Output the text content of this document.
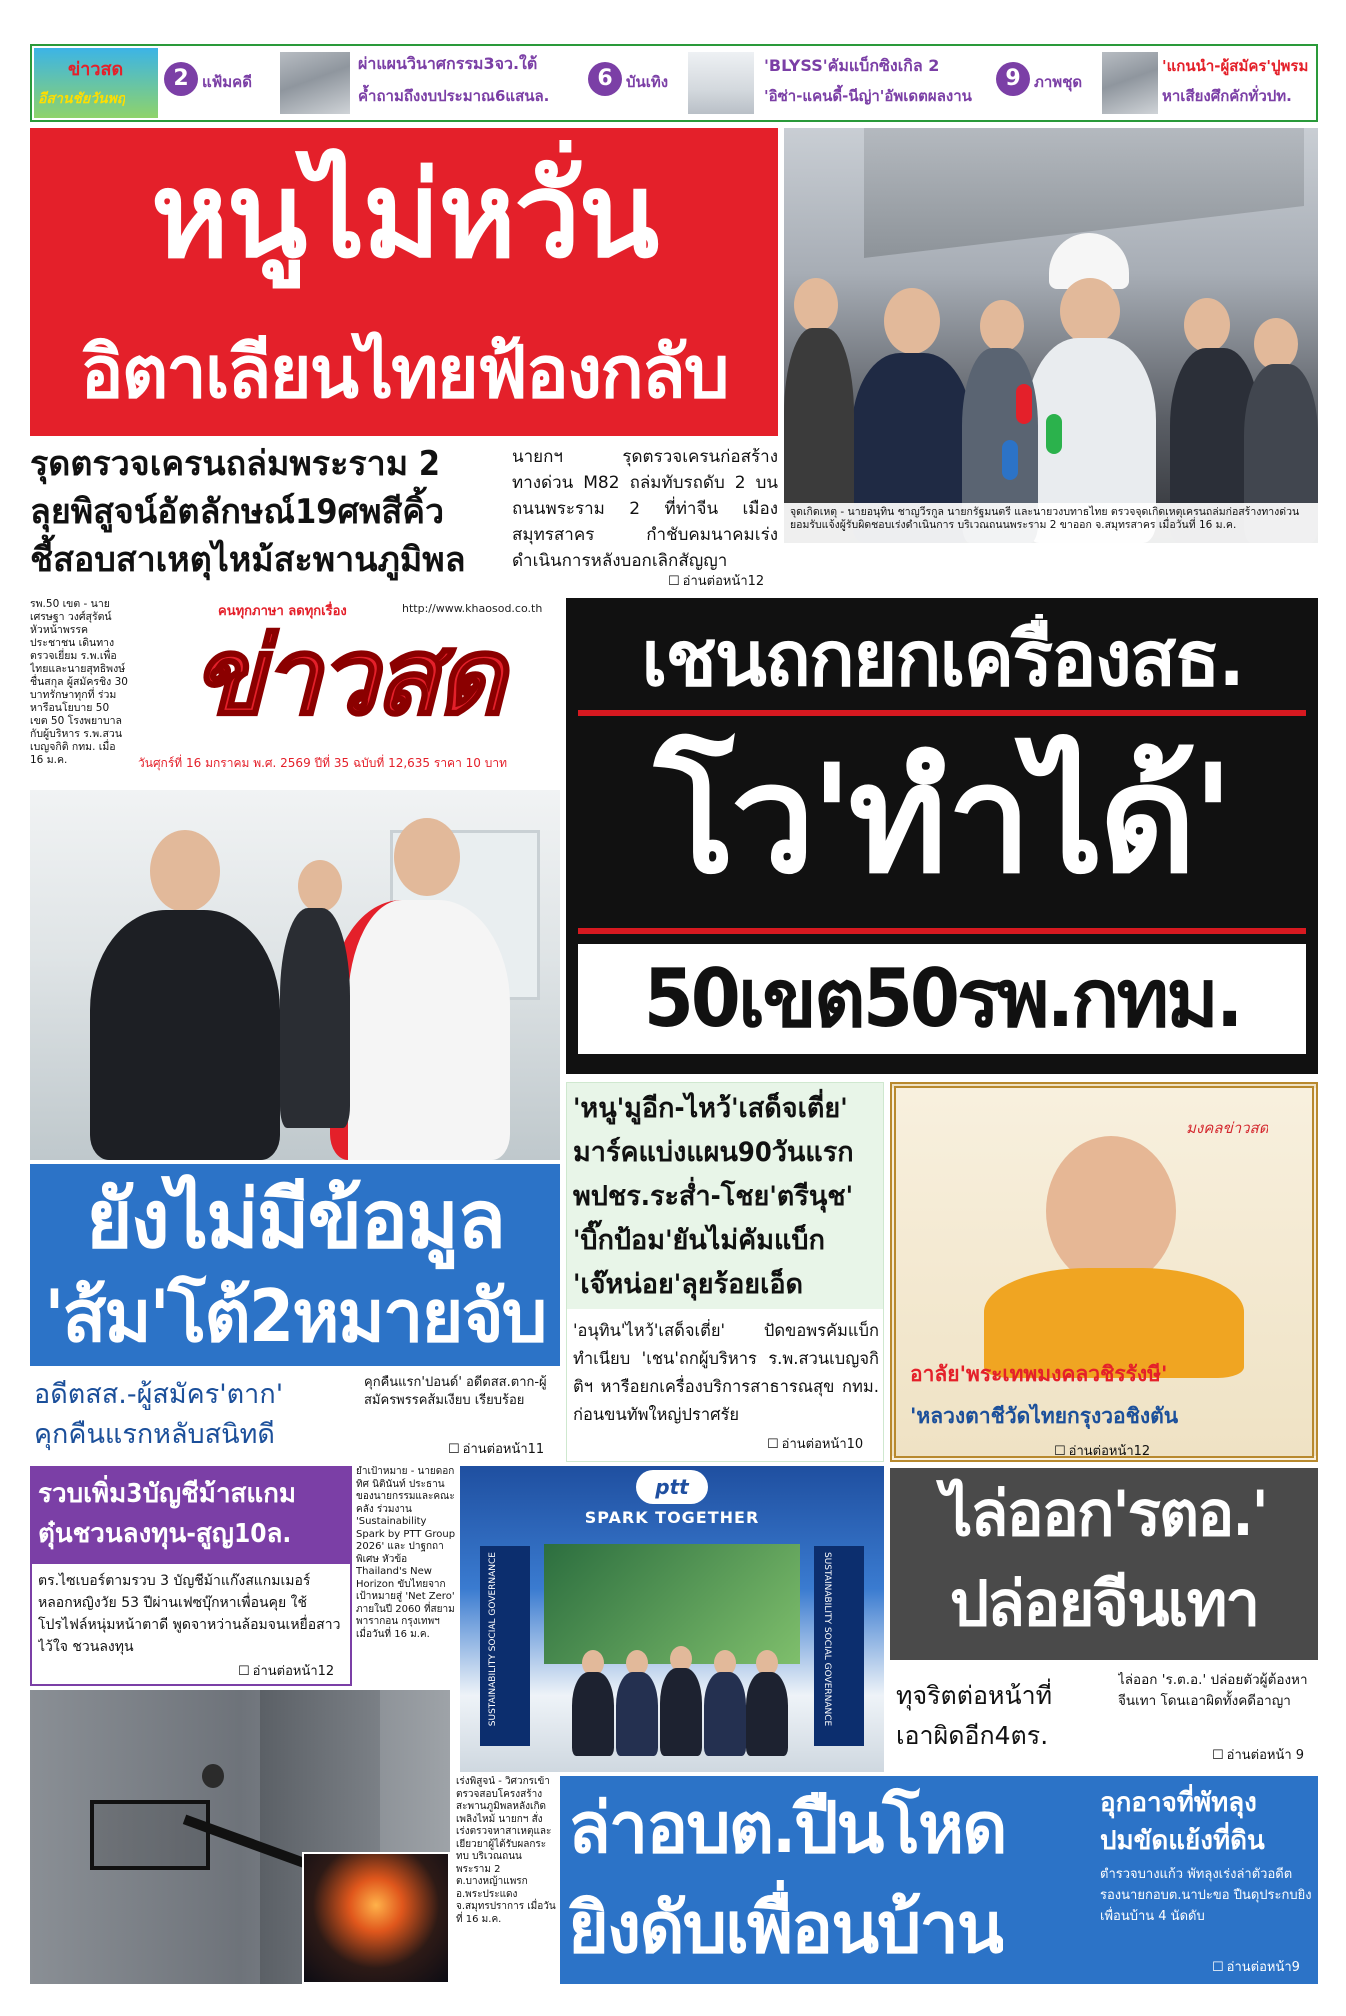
ข่าวสด
อีสานชัยวันพฤ
2 แฟ้มคดี
ผ่าแผนวินาศกรรม3จว.ใต้
ค้ำถามถึงงบประมาณ6แสนล.
6 บันเทิง
'BLYSS'คัมแบ็กซิงเกิล 2
'อิซ่า-แคนดี้-นีญ่า'อัพเดตผลงาน
9 ภาพชุด
'แกนนำ-ผู้สมัคร'ปูพรม
หาเสียงศึกคักทั่วปท.
หนูไม่หวั่น
อิตาเลียนไทยฟ้องกลับ
จุดเกิดเหตุ - นายอนุทิน ชาญวีรกูล นายกรัฐมนตรี และนายวงบทาธไทย ตรวจจุดเกิดเหตุเครนถล่มก่อสร้างทางด่วน ยอมรับแจ้งผู้รับผิดชอบเร่งดำเนินการ บริเวณถนนพระราม 2 ขาออก จ.สมุทรสาคร เมื่อวันที่ 16 ม.ค.
รุดตรวจเครนถล่มพระราม 2
ลุยพิสูจน์อัตลักษณ์19ศพสีคิ้ว
ชี้สอบสาเหตุไหม้สะพานภูมิพล
นายกฯ รุดตรวจเครนก่อสร้างทางด่วน M82 ถล่มทับรถดับ 2 บนถนนพระราม 2 ที่ท่าจีน เมืองสมุทรสาคร กำชับคมนาคมเร่งดำเนินการหลังบอกเลิกสัญญา
☐ อ่านต่อหน้า12
รพ.50 เขต - นายเศรษฐา วงศ์สุรัตน์ หัวหน้าพรรคประชาชน เดินทางตรวจเยี่ยม ร.พ.เพื่อไทยและนายสุทธิพงษ์ ชื่นสกุล ผู้สมัครชิง 30 บาทรักษาทุกที่ ร่วมหารือนโยบาย 50 เขต 50 โรงพยาบาล กับผู้บริหาร ร.พ.สวนเบญจกิติ กทม. เมื่อ 16 ม.ค.
คนทุกภาษา ลดทุกเรื่อง	http://www.khaosod.co.th
ข่าวสด
วันศุกร์ที่ 16 มกราคม พ.ศ. 2569 ปีที่ 35 ฉบับที่ 12,635 ราคา 10 บาท
เชนถกยกเครื่องสธ.
โว'ทำได้'
50เขต50รพ.กทม.
ยังไม่มีข้อมูล
'ส้ม'โต้2หมายจับ
อดีตสส.-ผู้สมัคร'ตาก'
คุกคืนแรกหลับสนิทดี
คุกคืนแรก'ปอนด์' อดีตสส.ตาก-ผู้สมัครพรรคส้มเงียบ เรียบร้อย
☐ อ่านต่อหน้า11
'หนู'มูอีก-ไหว้'เสด็จเตี่ย'
มาร์คแบ่งแผน90วันแรก
พปชร.ระส่ำ-โชย'ตรีนุช'
'บิ๊กป้อม'ยันไม่คัมแบ็ก
'เจ๊หน่อย'ลุยร้อยเอ็ด
'อนุทิน'ไหว้'เสด็จเตี่ย' ปัดขอพรคัมแบ็กทำเนียบ 'เชน'ถกผู้บริหาร ร.พ.สวนเบญจกิติฯ หารือยกเครื่องบริการสาธารณสุข กทม. ก่อนขนทัพใหญ่ปราศรัย
☐ อ่านต่อหน้า10
มงคลข่าวสด
อาลัย'พระเทพมงคลวชิรรังษี'
'หลวงตาชีวัดไทยกรุงวอชิงตัน
☐ อ่านต่อหน้า12
รวบเพิ่ม3บัญชีม้าสแกม
ตุ๋นชวนลงทุน-สูญ10ล.
ตร.ไซเบอร์ตามรวบ 3 บัญชีม้าแก๊งสแกมเมอร์ หลอกหญิงวัย 53 ปีผ่านเฟซบุ๊กหาเพื่อนคุย ใช้โปรไฟล์หนุ่มหน้าตาดี พูดจาหว่านล้อมจนเหยื่อสาวไว้ใจ ชวนลงทุน
☐ อ่านต่อหน้า12
ย้ำเป้าหมาย - นายดอกทิศ นิตินันท์ ประธาน ของนายกรรมและคณะคลัง ร่วมงาน 'Sustainability Spark by PTT Group 2026' และ ปาฐกถาพิเศษ หัวข้อ Thailand's New Horizon ขับไทยจากเป้าหมายสู่ 'Net Zero' ภายในปี 2060 ที่สยามพารากอน กรุงเทพฯ เมื่อวันที่ 16 ม.ค.
ptt
SPARK TOGETHER
SUSTAINABILITY SOCIAL GOVERNANCE	SUSTAINABILITY SOCIAL GOVERNANCE
ไล่ออก'รตอ.'
ปล่อยจีนเทา
ทุจริตต่อหน้าที่
เอาผิดอีก4ตร.
ไล่ออก 'ร.ต.อ.' ปล่อยตัวผู้ต้องหาจีนเทา โดนเอาผิดทั้งคดีอาญา
☐ อ่านต่อหน้า 9
เร่งพิสูจน์ - วิศวกรเข้าตรวจสอบโครงสร้างสะพานภูมิพลหลังเกิดเพลิงไหม้ นายกฯ สั่งเร่งตรวจหาสาเหตุและเยียวยาผู้ได้รับผลกระทบ บริเวณถนนพระราม 2 ต.บางหญ้าแพรก อ.พระประแดง จ.สมุทรปราการ เมื่อวันที่ 16 ม.ค.
ล่าอบต.ปืนโหด
ยิงดับเพื่อนบ้าน
อุกอาจที่พัทลุง
ปมขัดแย้งที่ดิน
ตำรวจบางแก้ว พัทลุงเร่งล่าตัวอดีตรองนายกอบต.นาปะขอ ปืนดุประกบยิงเพื่อนบ้าน 4 นัดดับ
☐ อ่านต่อหน้า9
